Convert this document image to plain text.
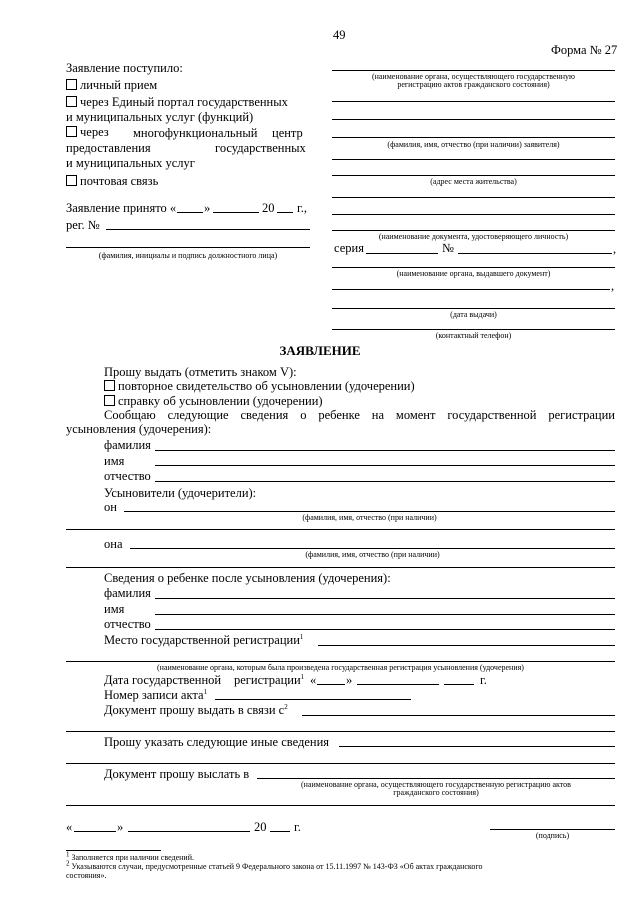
49
Форма № 27
Заявление поступило:
личный прием
через Единый портал государственных
и муниципальных услуг (функций)
через многофункциональный центр
предоставления	государственных
и муниципальных услуг
почтовая связь
Заявление принято « »	20 г.,
рег. №
(фамилия, инициалы и подпись должностного лица)
(наименование органа, осуществляющего государственную
регистрацию актов гражданского состояния)
(фамилия, имя, отчество (при наличии) заявителя)
(адрес места жительства)
(наименование документа, удостоверяющего личность)
серия	№	,
(наименование органа, выдавшего документ)
,
(дата выдачи)
(контактный телефон)
ЗАЯВЛЕНИЕ
Прошу выдать (отметить знаком V):
повторное свидетельство об усыновлении (удочерении)
справку об усыновлении (удочерении)
Сообщаю следующие сведения о ребенке на момент государственной регистрации
усыновления (удочерения):
фамилия
имя
отчество
Усыновители (удочерители):
он
(фамилия, имя, отчество (при наличии)
она
(фамилия, имя, отчество (при наличии)
Сведения о ребенке после усыновления (удочерения):
фамилия
имя
отчество
Место государственной регистрации$^1$
(наименование органа, которым была произведена государственная регистрация усыновления (удочерения)
Дата государственной регистрации$^1$ « »	г.
Номер записи акта$^1$
Документ прошу выдать в связи $с^2$
Прошу указать следующие иные сведения
Документ прошу выслать в
(наименование органа, осуществляющего государственную регистрацию актов
гражданского состояния)
«	»	20 г.
(подпись)
$^1$ Заполняется при наличии сведений.
$^2$ Указываются случаи, предусмотренные статьей 9 Федерального закона от 15.11.1997 № 143-ФЗ «Об актах гражданского
состояния».
